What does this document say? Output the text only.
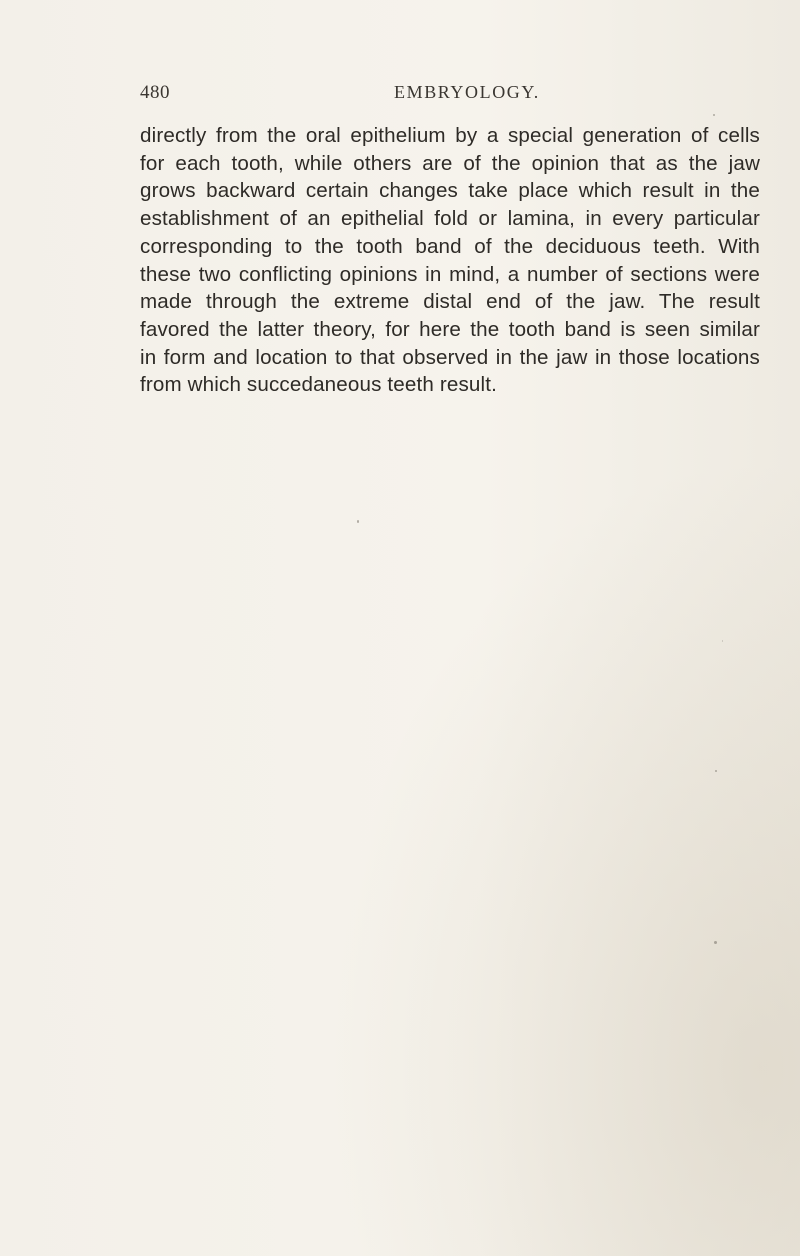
480	EMBRYOLOGY.
directly from the oral epithelium by a special generation of cells
for each tooth, while others are of the opinion that as the jaw
grows backward certain changes take place which result in the
establishment of an epithelial fold or lamina, in every particular
corresponding to the tooth band of the deciduous teeth. With
these two conflicting opinions in mind, a number of sections were
made through the extreme distal end of the jaw. The result
favored the latter theory, for here the tooth band is seen similar
in form and location to that observed in the jaw in those locations
from which succedaneous teeth result.
